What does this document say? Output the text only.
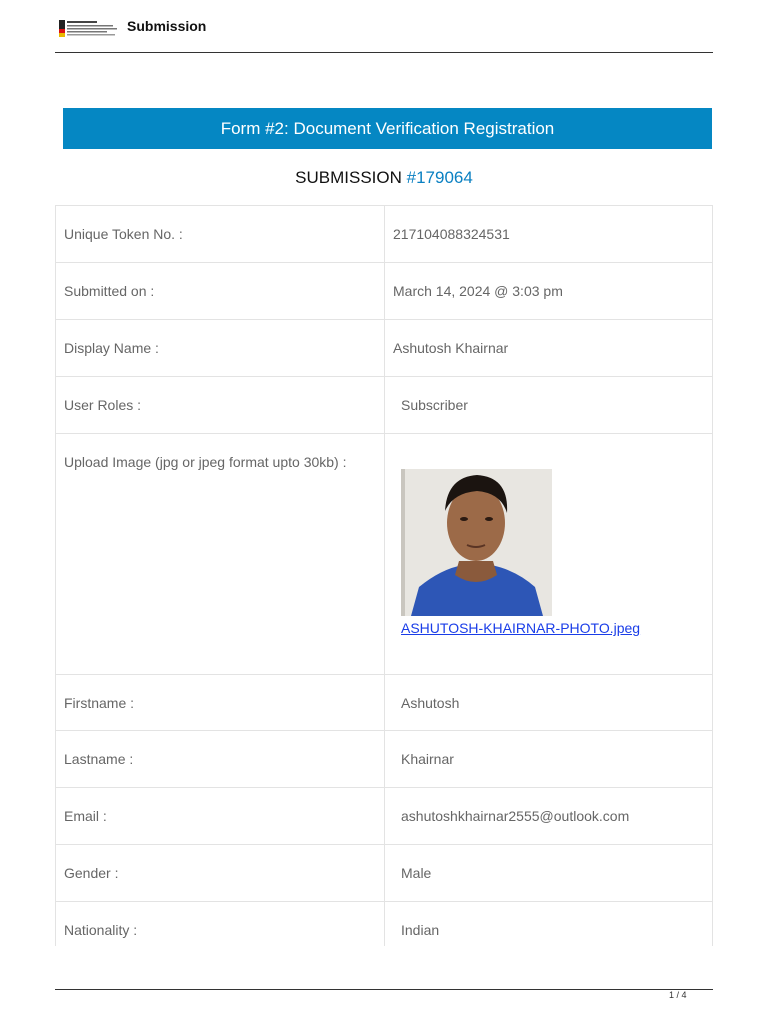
Submission
Form #2: Document Verification Registration
SUBMISSION #179064
Unique Token No. :	217104088324531
Submitted on :	March 14, 2024 @ 3:03 pm
Display Name :	Ashutosh Khairnar
User Roles :	Subscriber
Upload Image (jpg or jpeg format upto 30kb) :
ASHUTOSH-KHAIRNAR-PHOTO.jpeg
Firstname :	Ashutosh
Lastname :	Khairnar
Email :	ashutoshkhairnar2555@outlook.com
Gender :	Male
Nationality :	Indian
1 / 4
